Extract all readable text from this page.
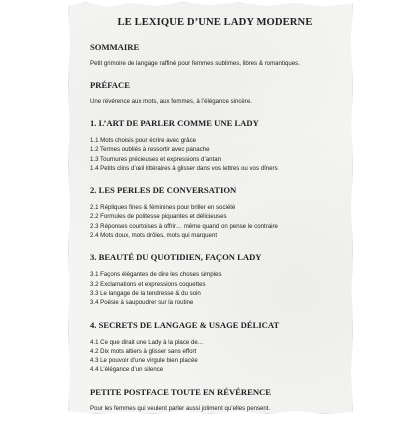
LE LEXIQUE D’UNE LADY MODERNE
SOMMAIRE
Petit grimoire de langage raffiné pour femmes sublimes, libres & romantiques.
PRÉFACE
Une révérence aux mots, aux femmes, à l’élégance sincère.
1. L’ART DE PARLER COMME UNE LADY
1.1 Mots choisis pour écrire avec grâce
1.2 Termes oubliés à ressortir avec panache
1.3 Tournures précieuses et expressions d’antan
1.4 Petits clins d’œil littéraires à glisser dans vos lettres ou vos dîners
2. LES PERLES DE CONVERSATION
2.1 Répliques fines & féminines pour briller en société
2.2 Formules de politesse piquantes et délicieuses
2.3 Réponses courtoises à offrir… même quand on pense le contraire
2.4 Mots doux, mots drôles, mots qui marquent
3. BEAUTÉ DU QUOTIDIEN, FAÇON LADY
3.1 Façons élégantes de dire les choses simples
3.2 Exclamations et expressions coquettes
3.3 Le langage de la tendresse & du soin
3.4 Poésie à saupoudrer sur la routine
4. SECRETS DE LANGAGE & USAGE DÉLICAT
4.1 Ce que dirait une Lady à la place de…
4.2 Dix mots altiers à glisser sans effort
4.3 Le pouvoir d’une virgule bien placée
4.4 L’élégance d’un silence
PETITE POSTFACE TOUTE EN RÉVÉRENCE
Pour les femmes qui veulent parler aussi joliment qu’elles pensent.
